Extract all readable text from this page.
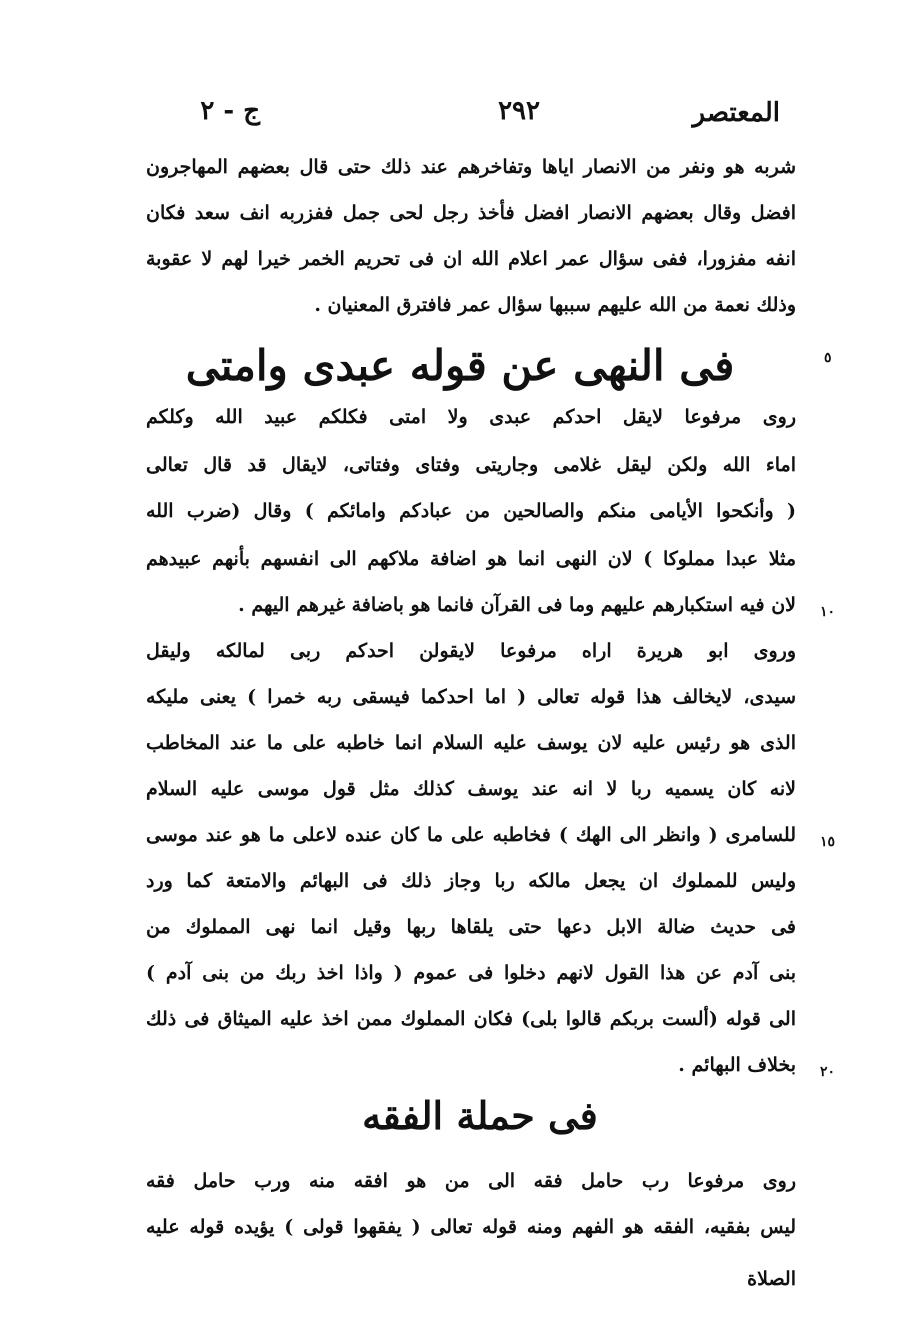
المعتصر
٢٩٢
ج - ٢
شربه هو ونفر من الانصار اياها وتفاخرهم عند ذلك حتى قال بعضهم المهاجرون
افضل وقال بعضهم الانصار افضل فأخذ رجل لحى جمل ففزربه انف سعد فكان
انفه مفزورا، ففى سؤال عمر اعلام الله ان فى تحريم الخمر خيرا لهم لا عقوبة
وذلك نعمة من الله عليهم سببها سؤال عمر فافترق المعنيان .
٥
فى النهى عن قوله عبدى وامتى
روى مرفوعا لايقل احدكم عبدى ولا امتى فكلكم عبيد الله وكلكم
اماء الله ولكن ليقل غلامى وجاريتى وفتاى وفتاتى، لايقال قد قال تعالى
( وأنكحوا الأيامى منكم والصالحين من عبادكم وامائكم ) وقال (ضرب الله
مثلا عبدا مملوكا ) لان النهى انما هو اضافة ملاكهم الى انفسهم بأنهم عبيدهم
لان فيه استكبارهم عليهم وما فى القرآن فانما هو باضافة غيرهم اليهم . ١٠
وروى ابو هريرة اراه مرفوعا لايقولن احدكم ربى لمالكه وليقل
سيدى، لايخالف هذا قوله تعالى ( اما احدكما فيسقى ربه خمرا ) يعنى مليكه
الذى هو رئيس عليه لان يوسف عليه السلام انما خاطبه على ما عند المخاطب
لانه كان يسميه ربا لا انه عند يوسف كذلك مثل قول موسى عليه السلام
للسامرى ( وانظر الى الهك ) فخاطبه على ما كان عنده لاعلى ما هو عند موسى ١٥
وليس للمملوك ان يجعل مالكه ربا وجاز ذلك فى البهائم والامتعة كما ورد
فى حديث ضالة الابل دعها حتى يلقاها ربها وقيل انما نهى المملوك من
بنى آدم عن هذا القول لانهم دخلوا فى عموم ( واذا اخذ ربك من بنى آدم )
الى قوله (ألست بربكم قالوا بلى) فكان المملوك ممن اخذ عليه الميثاق فى ذلك
بخلاف البهائم . ٢٠
فى حملة الفقه
روى مرفوعا رب حامل فقه الى من هو افقه منه ورب حامل فقه
ليس بفقيه، الفقه هو الفهم ومنه قوله تعالى ( يفقهوا قولى ) يؤيده قوله عليه
الصلاة
